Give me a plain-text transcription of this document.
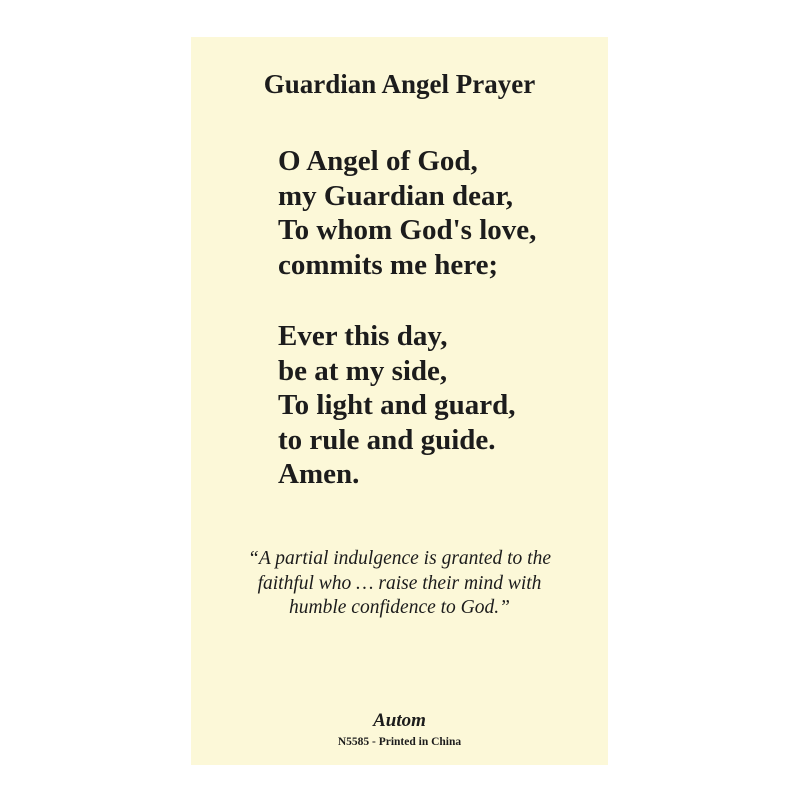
Guardian Angel Prayer
O Angel of God,
my Guardian dear,
To whom God's love,
commits me here;
Ever this day,
be at my side,
To light and guard,
to rule and guide.
Amen.
“A partial indulgence is granted to the
faithful who … raise their mind with
humble confidence to God.”
Autom
N5585 - Printed in China
